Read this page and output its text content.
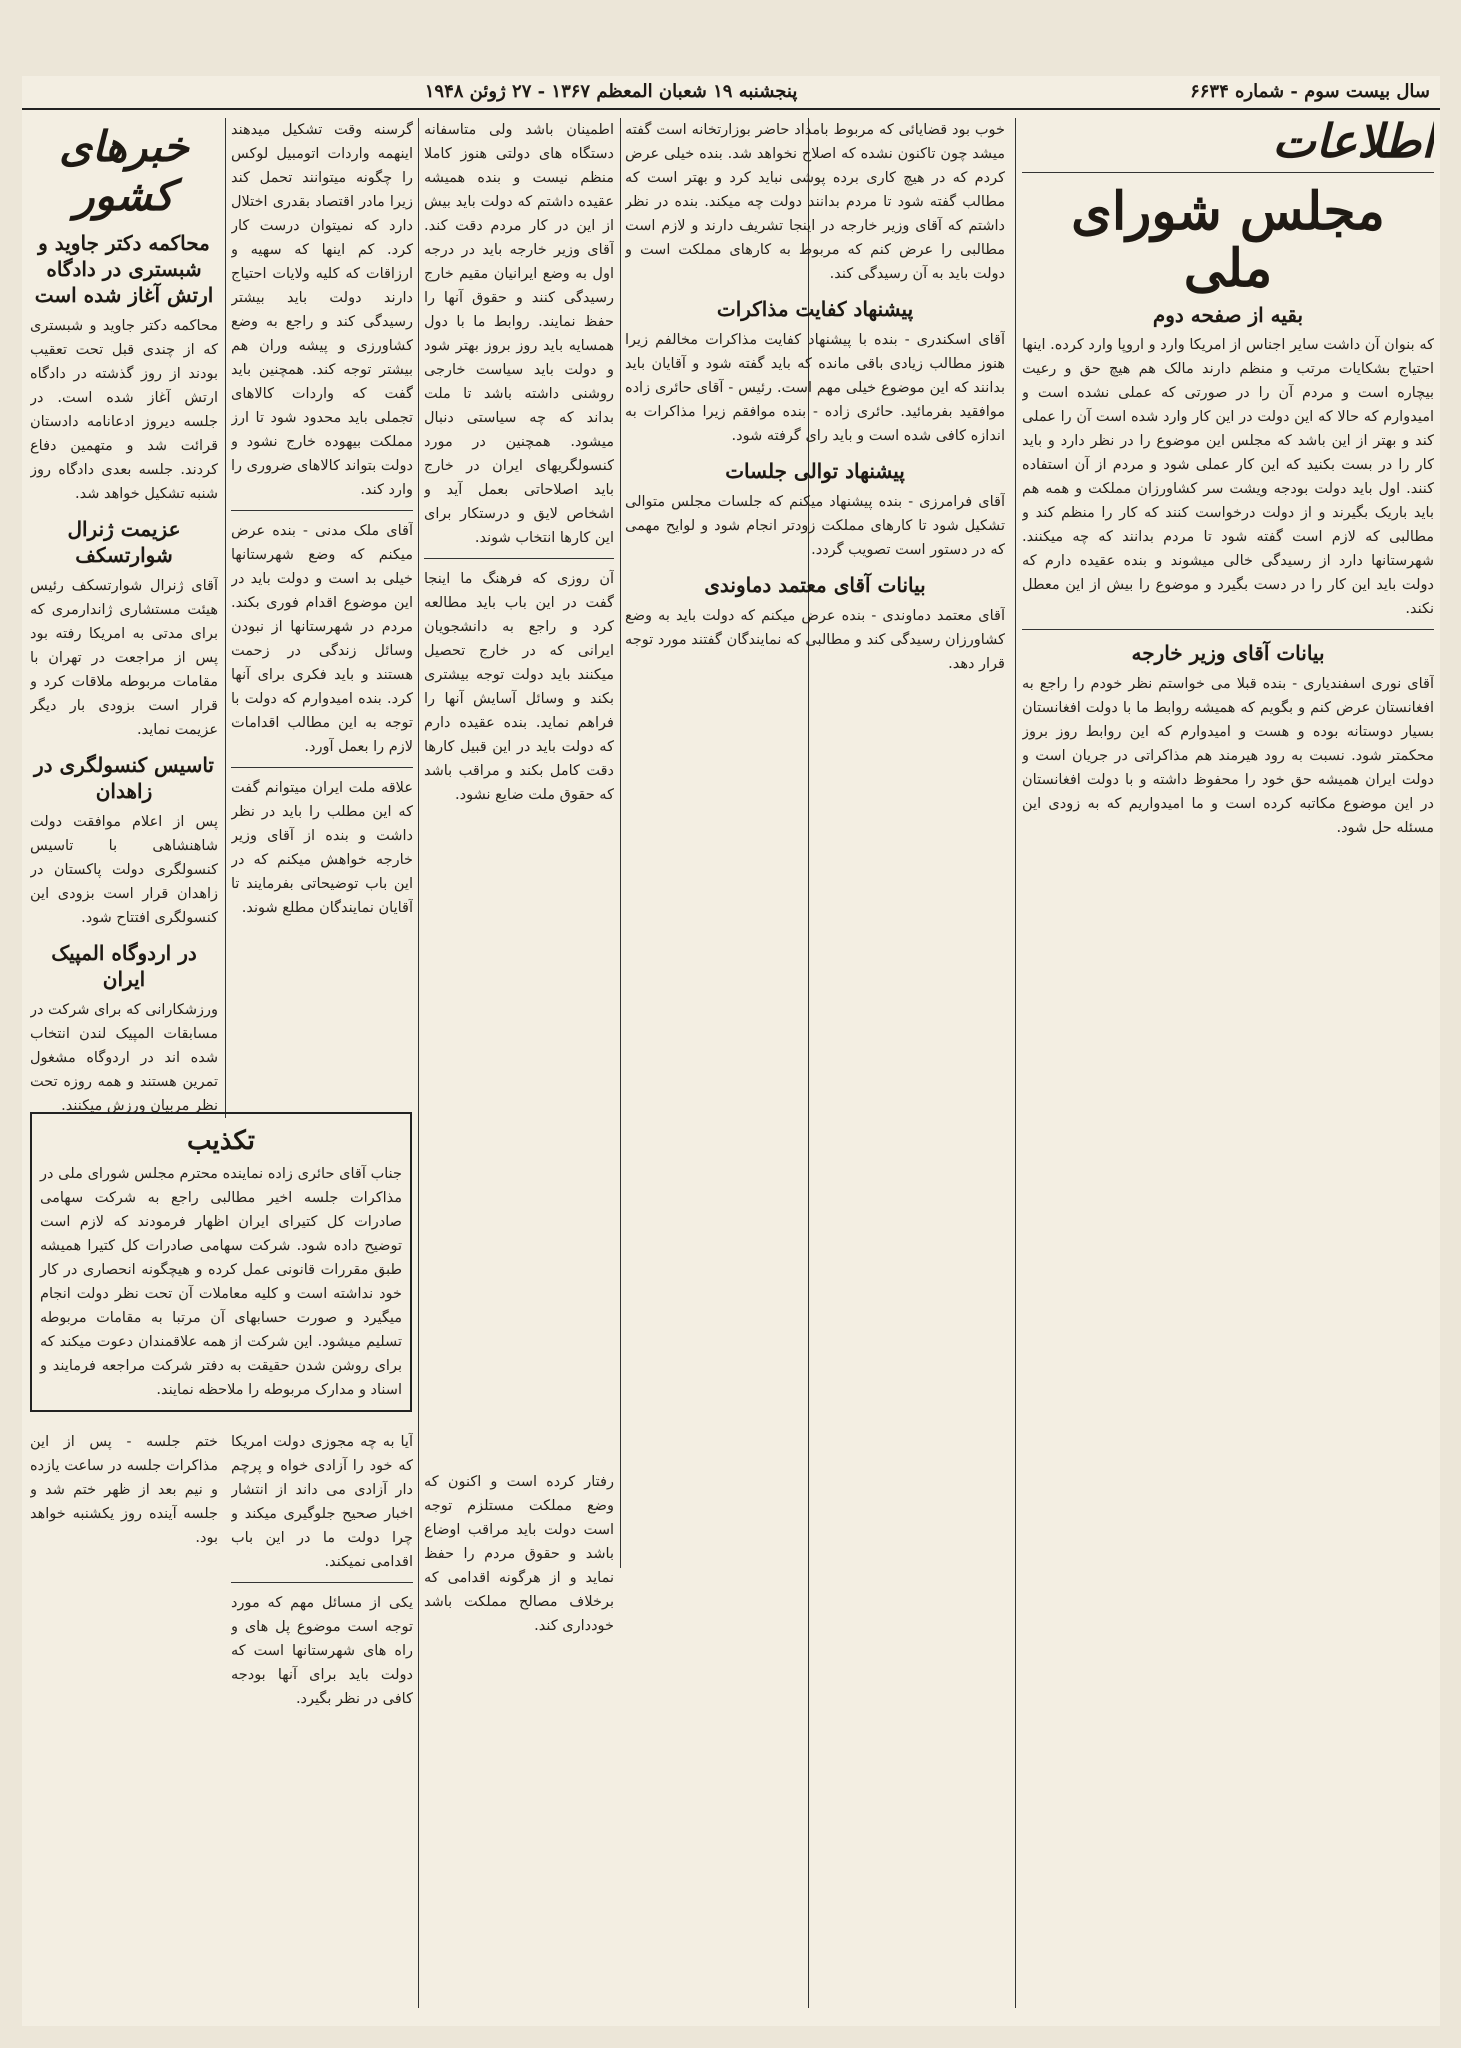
سال بیست سوم - شماره ۶۶۳۴
پنجشنبه ۱۹ شعبان المعظم ۱۳۶۷ - ۲۷ ژوئن ۱۹۴۸
اطلاعات
مجلس شورای ملی
بقیه از صفحه دوم

که بنوان آن داشت سایر اجناس از امریکا وارد و اروپا وارد کرده. اینها احتیاج بشکایات مرتب و منظم دارند مالک هم هیچ حق و رعیت بیچاره است و مردم آن را در صورتی که عملی نشده است و امیدوارم که حالا که این دولت در این کار وارد شده است آن را عملی کند و بهتر از این باشد که مجلس این موضوع را در نظر دارد و باید کار را در بست بکنید که این کار عملی شود و مردم از آن استفاده کنند. اول باید دولت بودجه ویشت سر کشاورزان مملکت و همه هم باید باریک بگیرند و از دولت درخواست کنند که کار را منظم کند و مطالبی که لازم است گفته شود تا مردم بدانند که چه میکنند. شهرستانها دارد از رسیدگی خالی میشوند و بنده عقیده دارم که دولت باید این کار را در دست بگیرد و موضوع را بیش از این معطل نکند.

بیانات آقای وزیر خارجه

آقای نوری اسفندیاری - بنده قبلا می خواستم نظر خودم را راجع به افغانستان عرض کنم و بگویم که همیشه روابط ما با دولت افغانستان بسیار دوستانه بوده و هست و امیدوارم که این روابط روز بروز محکمتر شود. نسبت به رود هیرمند هم مذاکراتی در جریان است و دولت ایران همیشه حق خود را محفوظ داشته و با دولت افغانستان در این موضوع مکاتبه کرده است و ما امیدواریم که به زودی این مسئله حل شود.

خوب بود قضایائی که مربوط بامداد حاضر بوزارتخانه است گفته میشد چون تاکنون نشده که اصلاح نخواهد شد. بنده خیلی عرض کردم که در هیچ کاری برده پوشی نباید کرد و بهتر است که مطالب گفته شود تا مردم بدانند دولت چه میکند. بنده در نظر داشتم که آقای وزیر خارجه در اینجا تشریف دارند و لازم است مطالبی را عرض کنم که مربوط به کارهای مملکت است و دولت باید به آن رسیدگی کند.

پیشنهاد کفایت مذاکرات

آقای اسکندری - بنده با پیشنهاد کفایت مذاکرات مخالفم زیرا هنوز مطالب زیادی باقی مانده که باید گفته شود و آقایان باید بدانند که این موضوع خیلی مهم است. رئیس - آقای حائری زاده موافقید بفرمائید. حائری زاده - بنده موافقم زیرا مذاکرات به اندازه کافی شده است و باید رای گرفته شود.

پیشنهاد توالی جلسات

آقای فرامرزی - بنده پیشنهاد میکنم که جلسات مجلس متوالی تشکیل شود تا کارهای مملکت زودتر انجام شود و لوایح مهمی که در دستور است تصویب گردد.

بیانات آقای معتمد دماوندی

آقای معتمد دماوندی - بنده عرض میکنم که دولت باید به وضع کشاورزان رسیدگی کند و مطالبی که نمایندگان گفتند مورد توجه قرار دهد.

اطمینان باشد ولی متاسفانه دستگاه های دولتی هنوز کاملا منظم نیست و بنده همیشه عقیده داشتم که دولت باید بیش از این در کار مردم دقت کند. آقای وزیر خارجه باید در درجه اول به وضع ایرانیان مقیم خارج رسیدگی کنند و حقوق آنها را حفظ نمایند. روابط ما با دول همسایه باید روز بروز بهتر شود و دولت باید سیاست خارجی روشنی داشته باشد تا ملت بداند که چه سیاستی دنبال میشود. همچنین در مورد کنسولگریهای ایران در خارج باید اصلاحاتی بعمل آید و اشخاص لایق و درستکار برای این کارها انتخاب شوند.

آن روزی که فرهنگ ما اینجا گفت در این باب باید مطالعه کرد و راجع به دانشجویان ایرانی که در خارج تحصیل میکنند باید دولت توجه بیشتری بکند و وسائل آسایش آنها را فراهم نماید. بنده عقیده دارم که دولت باید در این قبیل کارها دقت کامل بکند و مراقب باشد که حقوق ملت ضایع نشود.

گرسنه وقت تشکیل میدهند اینهمه واردات اتومبیل لوکس را چگونه میتوانند تحمل کند زیرا مادر اقتصاد بقدری اختلال دارد که نمیتوان درست کار کرد. کم اینها که سهیه و ارزاقات که کلیه ولایات احتیاج دارند دولت باید بیشتر رسیدگی کند و راجع به وضع کشاورزی و پیشه وران هم بیشتر توجه کند. همچنین باید گفت که واردات کالاهای تجملی باید محدود شود تا ارز مملکت بیهوده خارج نشود و دولت بتواند کالاهای ضروری را وارد کند.

آقای ملک مدنی - بنده عرض میکنم که وضع شهرستانها خیلی بد است و دولت باید در این موضوع اقدام فوری بکند. مردم در شهرستانها از نبودن وسائل زندگی در زحمت هستند و باید فکری برای آنها کرد. بنده امیدوارم که دولت با توجه به این مطالب اقدامات لازم را بعمل آورد.

علاقه ملت ایران میتوانم گفت که این مطلب را باید در نظر داشت و بنده از آقای وزیر خارجه خواهش میکنم که در این باب توضیحاتی بفرمایند تا آقایان نمایندگان مطلع شوند.

خبرهای کشور
محاکمه دکتر جاوید و شبستری در دادگاه ارتش آغاز شده است

محاکمه دکتر جاوید و شبستری که از چندی قبل تحت تعقیب بودند از روز گذشته در دادگاه ارتش آغاز شده است. در جلسه دیروز ادعانامه دادستان قرائت شد و متهمین دفاع کردند. جلسه بعدی دادگاه روز شنبه تشکیل خواهد شد.

عزیمت ژنرال شوارتسکف

آقای ژنرال شوارتسکف رئیس هیئت مستشاری ژاندارمری که برای مدتی به امریکا رفته بود پس از مراجعت در تهران با مقامات مربوطه ملاقات کرد و قرار است بزودی بار دیگر عزیمت نماید.

تاسیس کنسولگری در زاهدان

پس از اعلام موافقت دولت شاهنشاهی با تاسیس کنسولگری دولت پاکستان در زاهدان قرار است بزودی این کنسولگری افتتاح شود.

در اردوگاه المپیک ایران

ورزشکارانی که برای شرکت در مسابقات المپیک لندن انتخاب شده اند در اردوگاه مشغول تمرین هستند و همه روزه تحت نظر مربیان ورزش میکنند.

تکذیب

جناب آقای حائری زاده نماینده محترم مجلس شورای ملی در مذاکرات جلسه اخیر مطالبی راجع به شرکت سهامی صادرات کل کتیرای ایران اظهار فرمودند که لازم است توضیح داده شود. شرکت سهامی صادرات کل کتیرا همیشه طبق مقررات قانونی عمل کرده و هیچگونه انحصاری در کار خود نداشته است و کلیه معاملات آن تحت نظر دولت انجام میگیرد و صورت حسابهای آن مرتبا به مقامات مربوطه تسلیم میشود. این شرکت از همه علاقمندان دعوت میکند که برای روشن شدن حقیقت به دفتر شرکت مراجعه فرمایند و اسناد و مدارک مربوطه را ملاحظه نمایند.

رفتار کرده است و اکنون که وضع مملکت مستلزم توجه است دولت باید مراقب اوضاع باشد و حقوق مردم را حفظ نماید و از هرگونه اقدامی که برخلاف مصالح مملکت باشد خودداری کند.

آیا به چه مجوزی دولت امریکا که خود را آزادی خواه و پرچم دار آزادی می داند از انتشار اخبار صحیح جلوگیری میکند و چرا دولت ما در این باب اقدامی نمیکند.

یکی از مسائل مهم که مورد توجه است موضوع پل های و راه های شهرستانها است که دولت باید برای آنها بودجه کافی در نظر بگیرد.

ختم جلسه - پس از این مذاکرات جلسه در ساعت یازده و نیم بعد از ظهر ختم شد و جلسه آینده روز یکشنبه خواهد بود.
